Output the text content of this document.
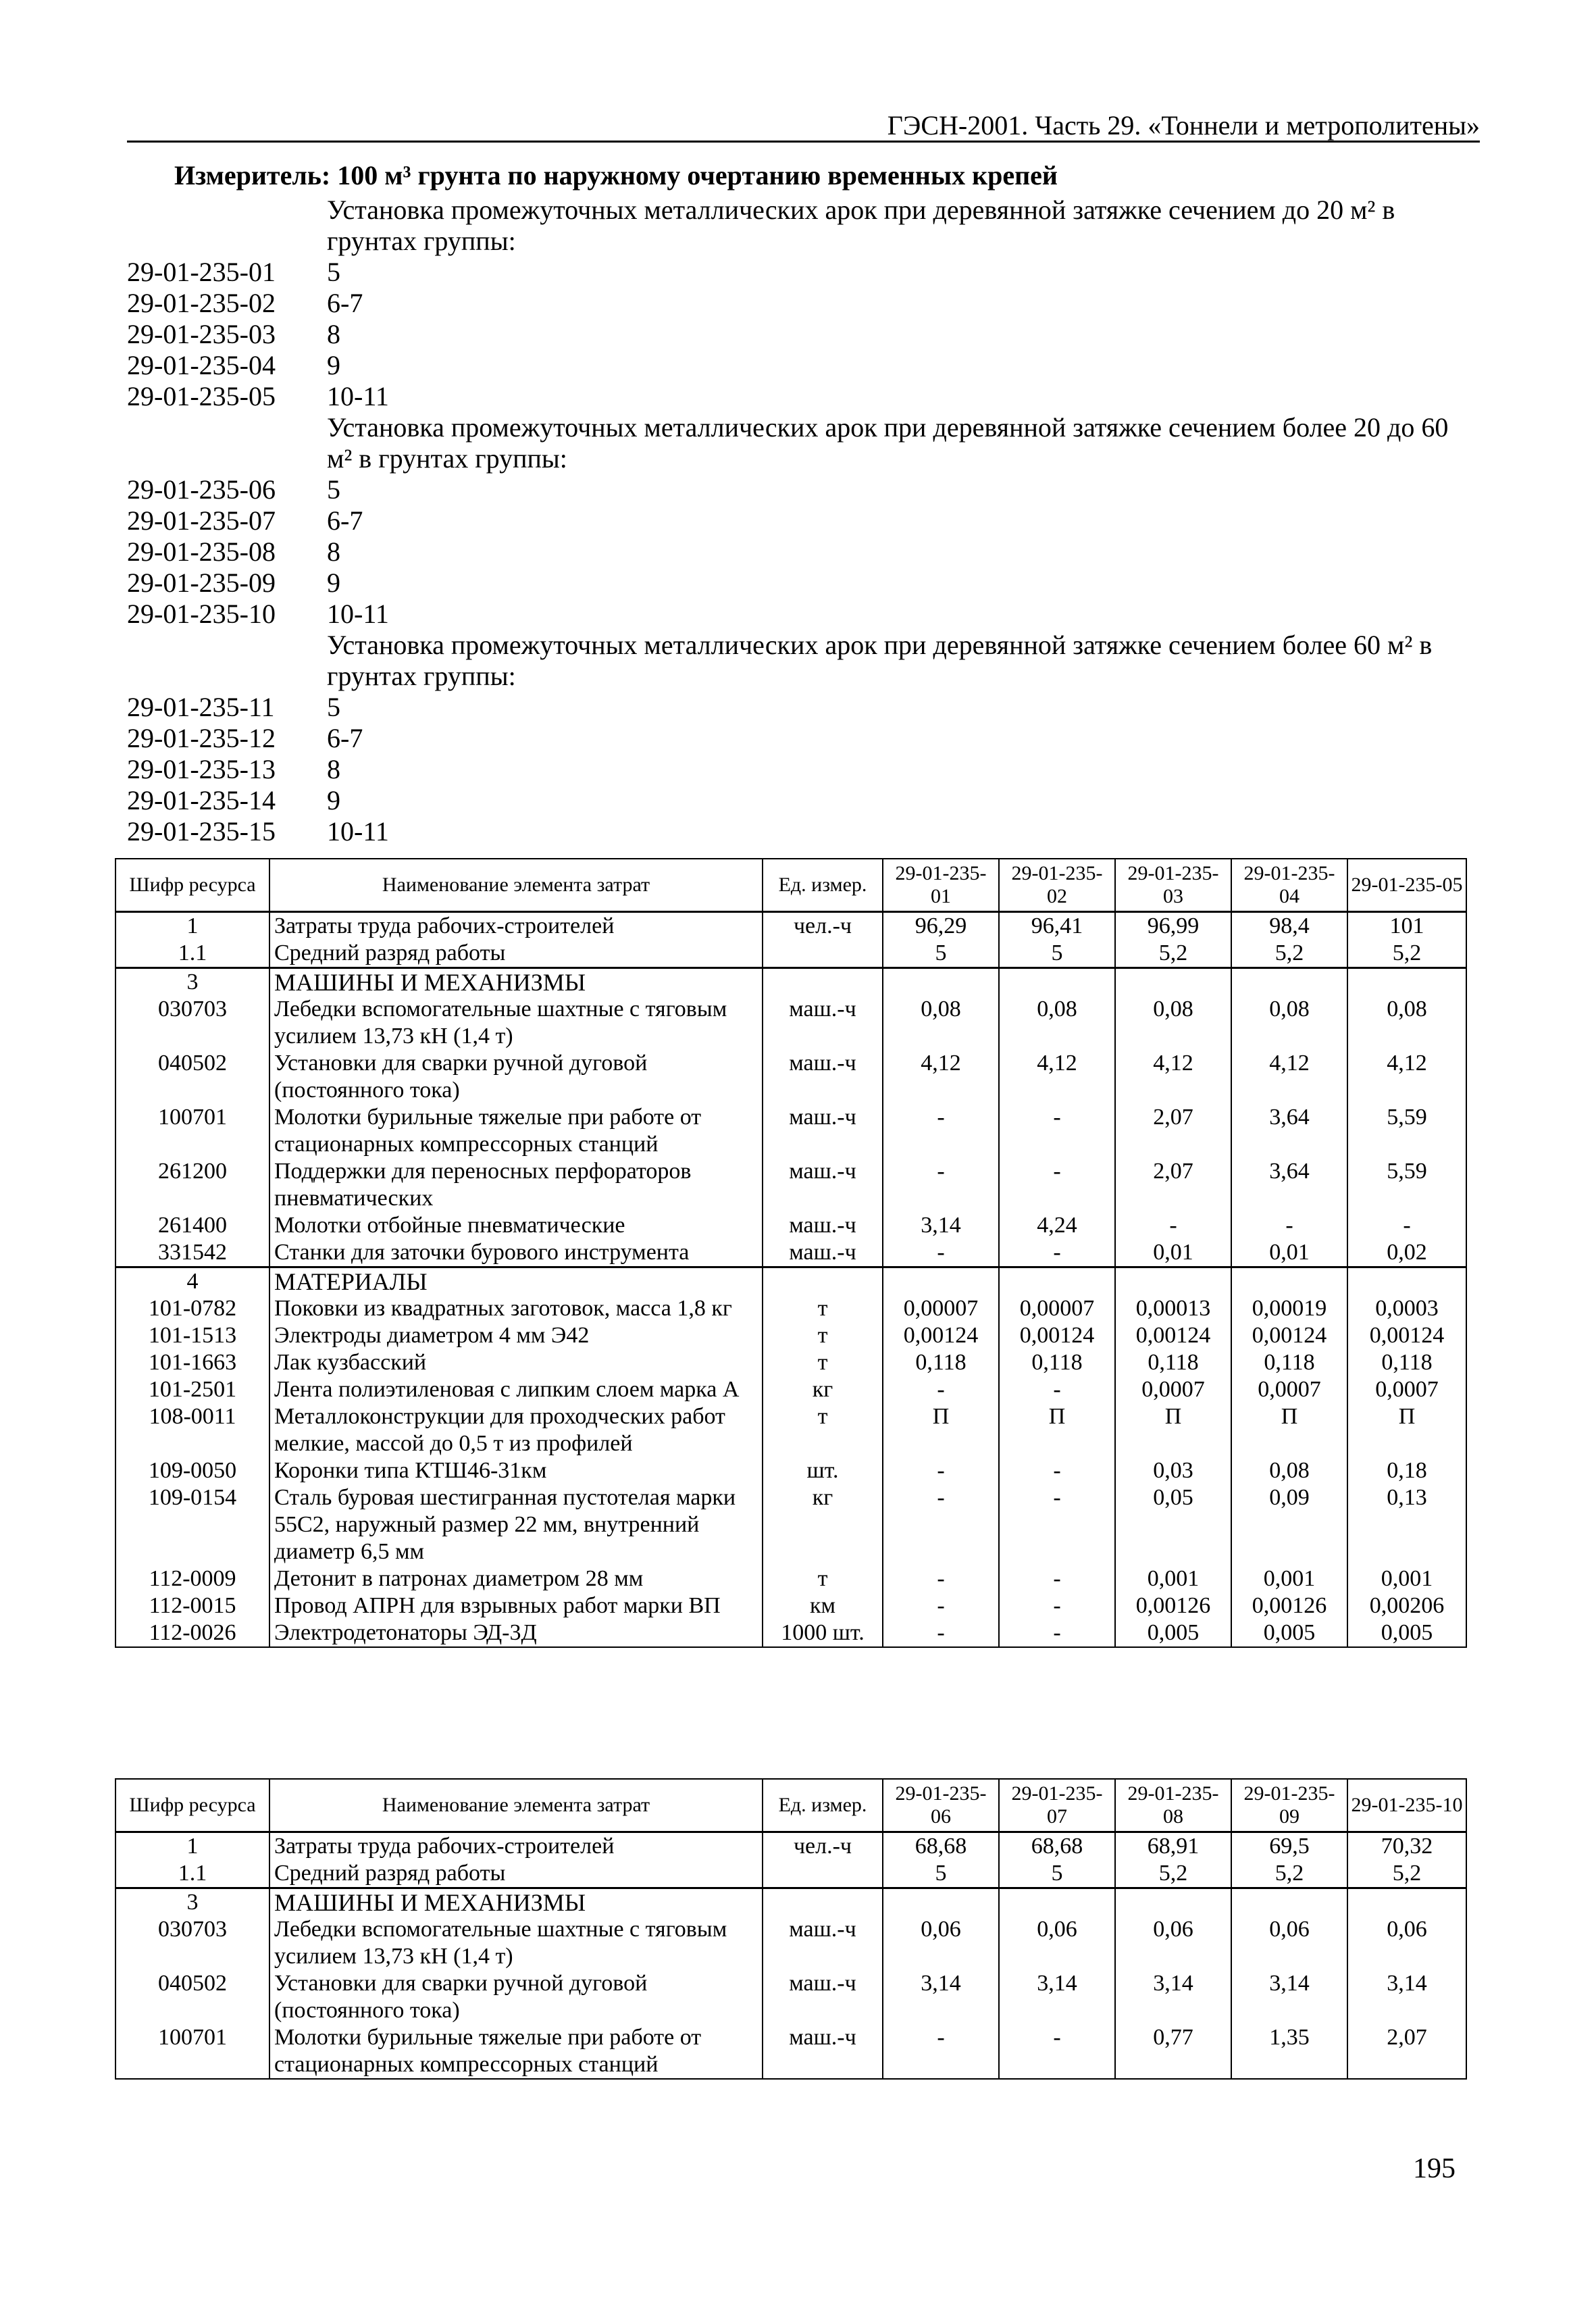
ГЭСН-2001. Часть 29. «Тоннели и метрополитены»
Измеритель: 100 м³ грунта по наружному очертанию временных крепей
Установка промежуточных металлических арок при деревянной затяжке сечением до 20 м² в грунтах группы:
29-01-235-01	5
29-01-235-02	6-7
29-01-235-03	8
29-01-235-04	9
29-01-235-05	10-11
Установка промежуточных металлических арок при деревянной затяжке сечением более 20 до 60 м² в грунтах группы:
29-01-235-06	5
29-01-235-07	6-7
29-01-235-08	8
29-01-235-09	9
29-01-235-10	10-11
Установка промежуточных металлических арок при деревянной затяжке сечением более 60 м² в грунтах группы:
29-01-235-11	5
29-01-235-12	6-7
29-01-235-13	8
29-01-235-14	9
29-01-235-15	10-11
Шифр ресурса	Наименование элемента затрат	Ед. измер.	29-01-235-01	29-01-235-02	29-01-235-03	29-01-235-04	29-01-235-05
1	Затраты труда рабочих-строителей	чел.-ч	96,29	96,41	96,99	98,4	101
1.1	Средний разряд работы		5	5	5,2	5,2	5,2
3	МАШИНЫ И МЕХАНИЗМЫ						
030703	Лебедки вспомогательные шахтные с тяговым усилием 13,73 кН (1,4 т)	маш.-ч	0,08	0,08	0,08	0,08	0,08
040502	Установки для сварки ручной дуговой (постоянного тока)	маш.-ч	4,12	4,12	4,12	4,12	4,12
100701	Молотки бурильные тяжелые при работе от стационарных компрессорных станций	маш.-ч	-	-	2,07	3,64	5,59
261200	Поддержки для переносных перфораторов пневматических	маш.-ч	-	-	2,07	3,64	5,59
261400	Молотки отбойные пневматические	маш.-ч	3,14	4,24	-	-	-
331542	Станки для заточки бурового инструмента	маш.-ч	-	-	0,01	0,01	0,02
4	МАТЕРИАЛЫ						
101-0782	Поковки из квадратных заготовок, масса 1,8 кг	т	0,00007	0,00007	0,00013	0,00019	0,0003
101-1513	Электроды диаметром 4 мм Э42	т	0,00124	0,00124	0,00124	0,00124	0,00124
101-1663	Лак кузбасский	т	0,118	0,118	0,118	0,118	0,118
101-2501	Лента полиэтиленовая с липким слоем марка А	кг	-	-	0,0007	0,0007	0,0007
108-0011	Металлоконструкции для проходческих работ мелкие, массой до 0,5 т из профилей	т	П	П	П	П	П
109-0050	Коронки типа КТШ46-31км	шт.	-	-	0,03	0,08	0,18
109-0154	Сталь буровая шестигранная пустотелая марки 55С2, наружный размер 22 мм, внутренний диаметр 6,5 мм	кг	-	-	0,05	0,09	0,13
112-0009	Детонит в патронах диаметром 28 мм	т	-	-	0,001	0,001	0,001
112-0015	Провод АПРН для взрывных работ марки ВП	км	-	-	0,00126	0,00126	0,00206
112-0026	Электродетонаторы ЭД-3Д	1000 шт.	-	-	0,005	0,005	0,005
Шифр ресурса	Наименование элемента затрат	Ед. измер.	29-01-235-06	29-01-235-07	29-01-235-08	29-01-235-09	29-01-235-10
1	Затраты труда рабочих-строителей	чел.-ч	68,68	68,68	68,91	69,5	70,32
1.1	Средний разряд работы		5	5	5,2	5,2	5,2
3	МАШИНЫ И МЕХАНИЗМЫ						
030703	Лебедки вспомогательные шахтные с тяговым усилием 13,73 кН (1,4 т)	маш.-ч	0,06	0,06	0,06	0,06	0,06
040502	Установки для сварки ручной дуговой (постоянного тока)	маш.-ч	3,14	3,14	3,14	3,14	3,14
100701	Молотки бурильные тяжелые при работе от стационарных компрессорных станций	маш.-ч	-	-	0,77	1,35	2,07
195
